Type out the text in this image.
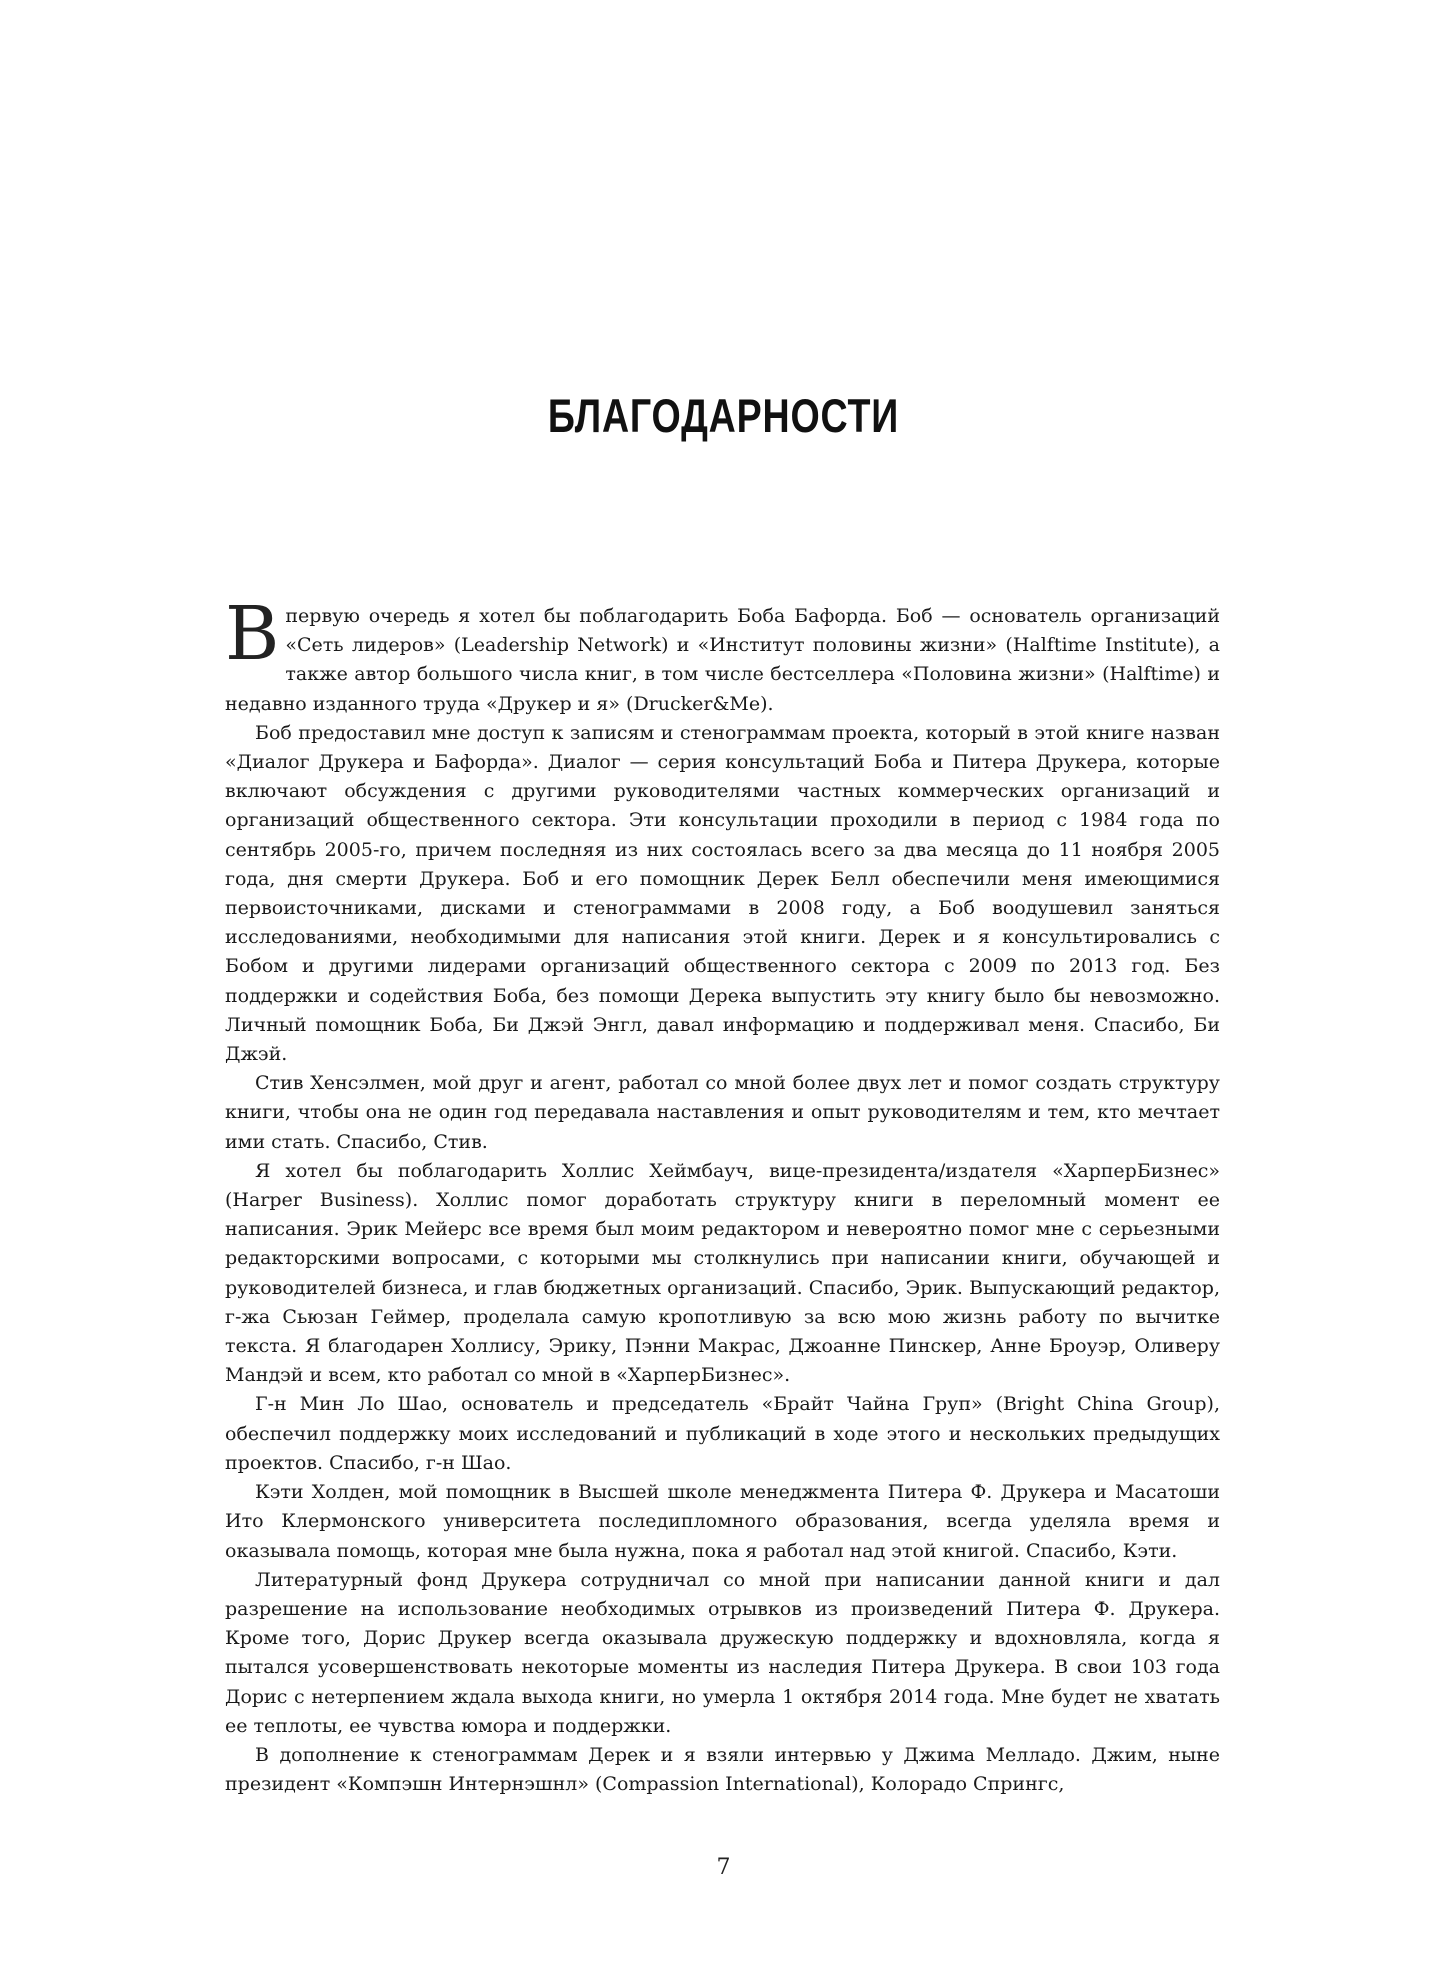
БЛАГОДАРНОСТИ

Впервую очередь я хотел бы поблагодарить Боба Бафорда. Боб — основатель организаций «Сеть лидеров» (Leadership Network) и «Институт половины жизни» (Halftime Institute), а также автор большого числа книг, в том числе бестселлера «Половина жизни» (Halftime) и недавно изданного труда «Друкер и я» (Drucker&Me).

Боб предоставил мне доступ к записям и стенограммам проекта, который в этой книге назван «Диалог Друкера и Бафорда». Диалог — серия консультаций Боба и Питера Друкера, которые включают обсуждения с другими руководителями частных коммерческих организаций и организаций общественного сектора. Эти консультации проходили в период с 1984 года по сентябрь 2005-го, причем последняя из них состоялась всего за два месяца до 11 ноября 2005 года, дня смерти Друкера. Боб и его помощник Дерек Белл обеспечили меня имеющимися первоисточниками, дисками и стенограммами в 2008 году, а Боб воодушевил заняться исследованиями, необходимыми для написания этой книги. Дерек и я консультировались с Бобом и другими лидерами организаций общественного сектора с 2009 по 2013 год. Без поддержки и содействия Боба, без помощи Дерека выпустить эту книгу было бы невозможно. Личный помощник Боба, Би Джэй Энгл, давал информацию и поддерживал меня. Спасибо, Би Джэй.

Стив Хенсэлмен, мой друг и агент, работал со мной более двух лет и помог создать структуру книги, чтобы она не один год передавала наставления и опыт руководителям и тем, кто мечтает ими стать. Спасибо, Стив.

Я хотел бы поблагодарить Холлис Хеймбауч, вице-президента/издателя «ХарперБизнес» (Harper Business). Холлис помог доработать структуру книги в переломный момент ее написания. Эрик Мейерс все время был моим редактором и невероятно помог мне с серьезными редакторскими вопросами, с которыми мы столкнулись при написании книги, обучающей и руководителей бизнеса, и глав бюджетных организаций. Спасибо, Эрик. Выпускающий редактор, г-жа Сьюзан Геймер, проделала самую кропотливую за всю мою жизнь работу по вычитке текста. Я благодарен Холлису, Эрику, Пэнни Макрас, Джоанне Пинскер, Анне Броуэр, Оливеру Мандэй и всем, кто работал со мной в «ХарперБизнес».

Г-н Мин Ло Шао, основатель и председатель «Брайт Чайна Груп» (Bright China Group), обеспечил поддержку моих исследований и публикаций в ходе этого и нескольких предыдущих проектов. Спасибо, г-н Шао.

Кэти Холден, мой помощник в Высшей школе менеджмента Питера Ф. Друкера и Масатоши Ито Клермонского университета последипломного образования, всегда уделяла время и оказывала помощь, которая мне была нужна, пока я работал над этой книгой. Спасибо, Кэти.

Литературный фонд Друкера сотрудничал со мной при написании данной книги и дал разрешение на использование необходимых отрывков из произведений Питера Ф. Друкера. Кроме того, Дорис Друкер всегда оказывала дружескую поддержку и вдохновляла, когда я пытался усовершенствовать некоторые моменты из наследия Питера Друкера. В свои 103 года Дорис с нетерпением ждала выхода книги, но умерла 1 октября 2014 года. Мне будет не хватать ее теплоты, ее чувства юмора и поддержки.

В дополнение к стенограммам Дерек и я взяли интервью у Джима Мелладо. Джим, ныне президент «Компэшн Интернэшнл» (Compassion International), Колорадо Спрингс,

7
